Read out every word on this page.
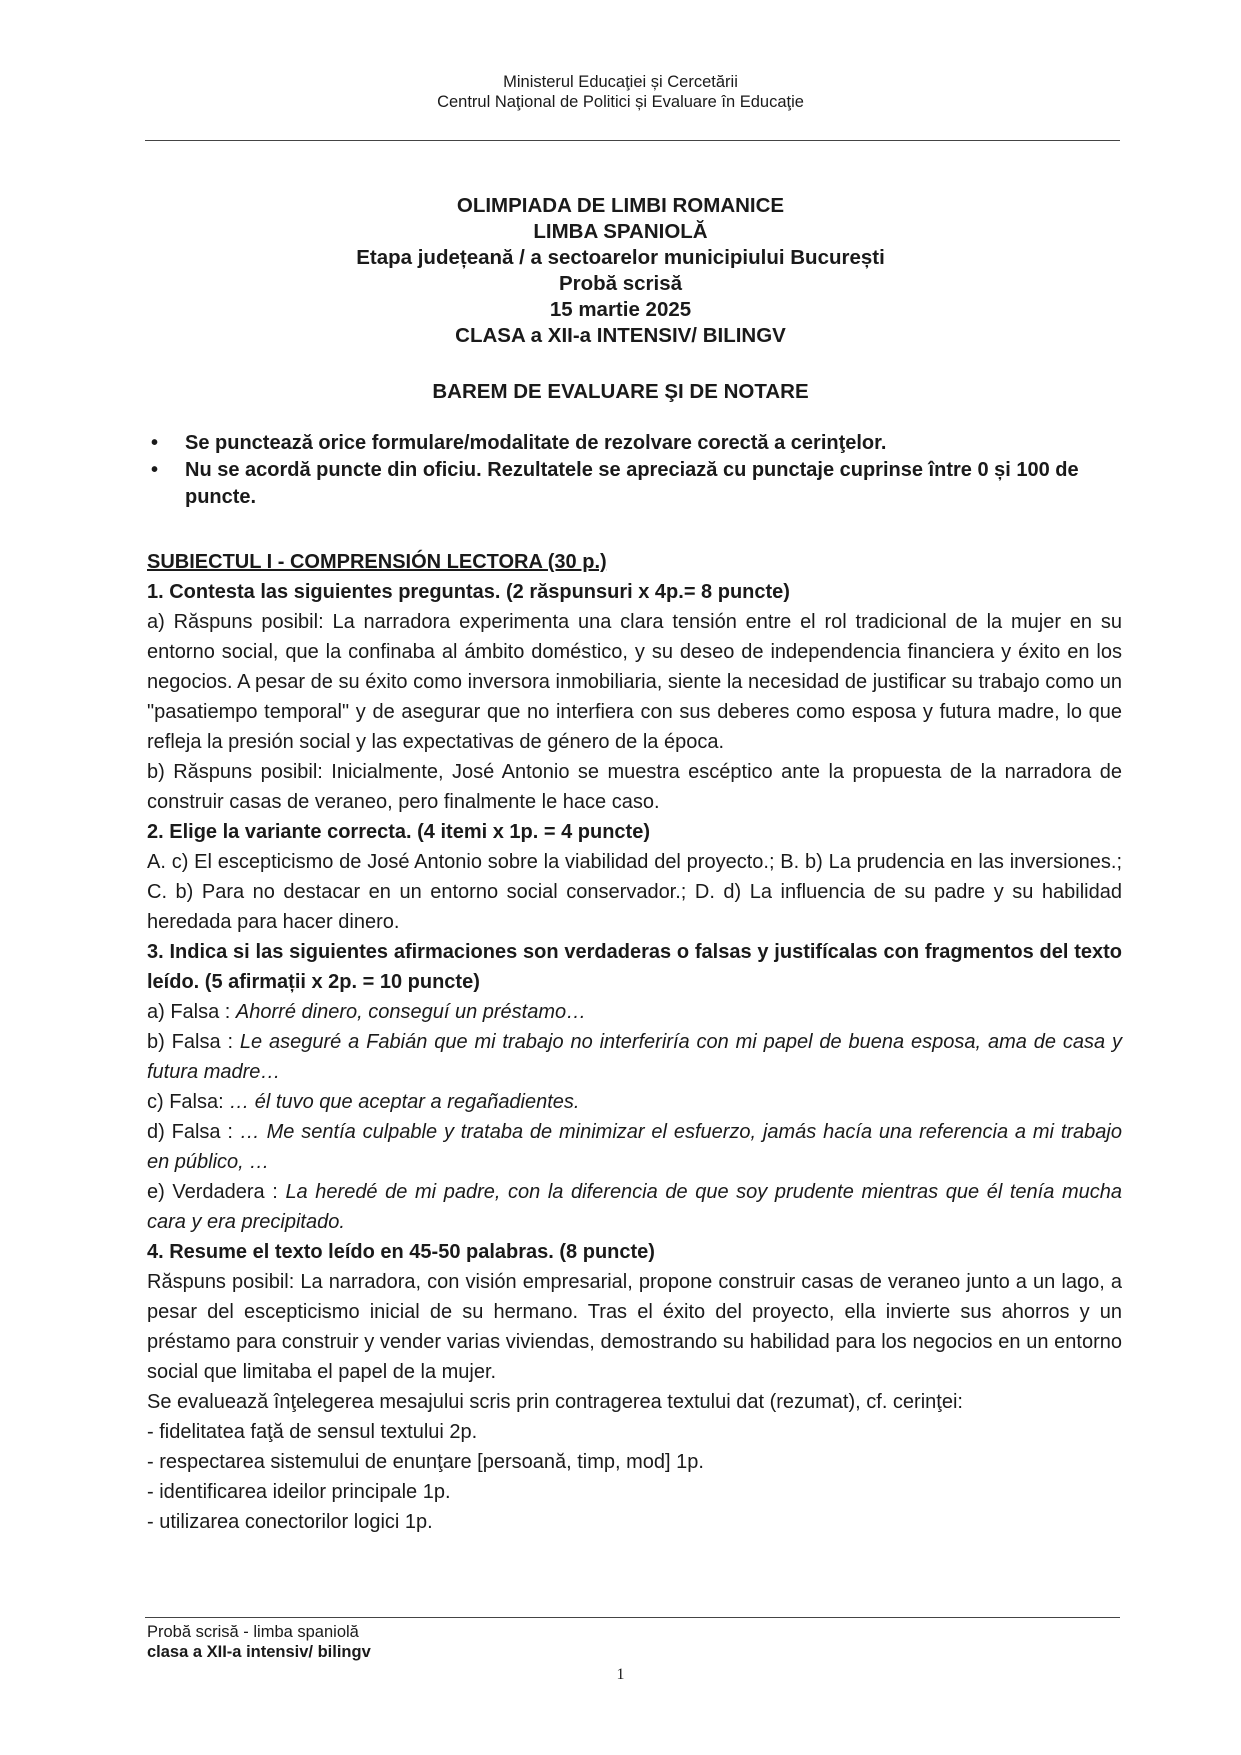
Ministerul Educaţiei și Cercetării
Centrul Naţional de Politici și Evaluare în Educaţie
OLIMPIADA DE LIMBI ROMANICE
LIMBA SPANIOLĂ
Etapa județeană / a sectoarelor municipiului București
Probă scrisă
15 martie 2025
CLASA a XII-a INTENSIV/ BILINGV
BAREM DE EVALUARE ŞI DE NOTARE
• Se punctează orice formulare/modalitate de rezolvare corectă a cerinţelor.
• Nu se acordă puncte din oficiu. Rezultatele se apreciază cu punctaje cuprinse între 0 și 100 de puncte.

SUBIECTUL I - COMPRENSIÓN LECTORA (30 p.)

1. Contesta las siguientes preguntas. (2 răspunsuri x 4p.= 8 puncte)

a) Răspuns posibil: La narradora experimenta una clara tensión entre el rol tradicional de la mujer en su entorno social, que la confinaba al ámbito doméstico, y su deseo de independencia financiera y éxito en los negocios. A pesar de su éxito como inversora inmobiliaria, siente la necesidad de justificar su trabajo como un "pasatiempo temporal" y de asegurar que no interfiera con sus deberes como esposa y futura madre, lo que refleja la presión social y las expectativas de género de la época.

b) Răspuns posibil: Inicialmente, José Antonio se muestra escéptico ante la propuesta de la narradora de construir casas de veraneo, pero finalmente le hace caso.

2. Elige la variante correcta. (4 itemi x 1p. = 4 puncte)

A. c) El escepticismo de José Antonio sobre la viabilidad del proyecto.; B. b) La prudencia en las inversiones.; C. b) Para no destacar en un entorno social conservador.; D. d) La influencia de su padre y su habilidad heredada para hacer dinero.

3. Indica si las siguientes afirmaciones son verdaderas o falsas y justifícalas con fragmentos del texto leído. (5 afirmații x 2p. = 10 puncte)

a) Falsa : Ahorré dinero, conseguí un préstamo…

b) Falsa : Le aseguré a Fabián que mi trabajo no interferiría con mi papel de buena esposa, ama de casa y futura madre…

c) Falsa: … él tuvo que aceptar a regañadientes.

d) Falsa : … Me sentía culpable y trataba de minimizar el esfuerzo, jamás hacía una referencia a mi trabajo en público, …

e) Verdadera : La heredé de mi padre, con la diferencia de que soy prudente mientras que él tenía mucha cara y era precipitado.

4. Resume el texto leído en 45-50 palabras. (8 puncte)

Răspuns posibil: La narradora, con visión empresarial, propone construir casas de veraneo junto a un lago, a pesar del escepticismo inicial de su hermano. Tras el éxito del proyecto, ella invierte sus ahorros y un préstamo para construir y vender varias viviendas, demostrando su habilidad para los negocios en un entorno social que limitaba el papel de la mujer.

Se evaluează înţelegerea mesajului scris prin contragerea textului dat (rezumat), cf. cerinţei:

- fidelitatea faţă de sensul textului 2p.

- respectarea sistemului de enunţare [persoană, timp, mod] 1p.

- identificarea ideilor principale 1p.

- utilizarea conectorilor logici 1p.

Probă scrisă - limba spaniolă
clasa a XII-a intensiv/ bilingv
1
